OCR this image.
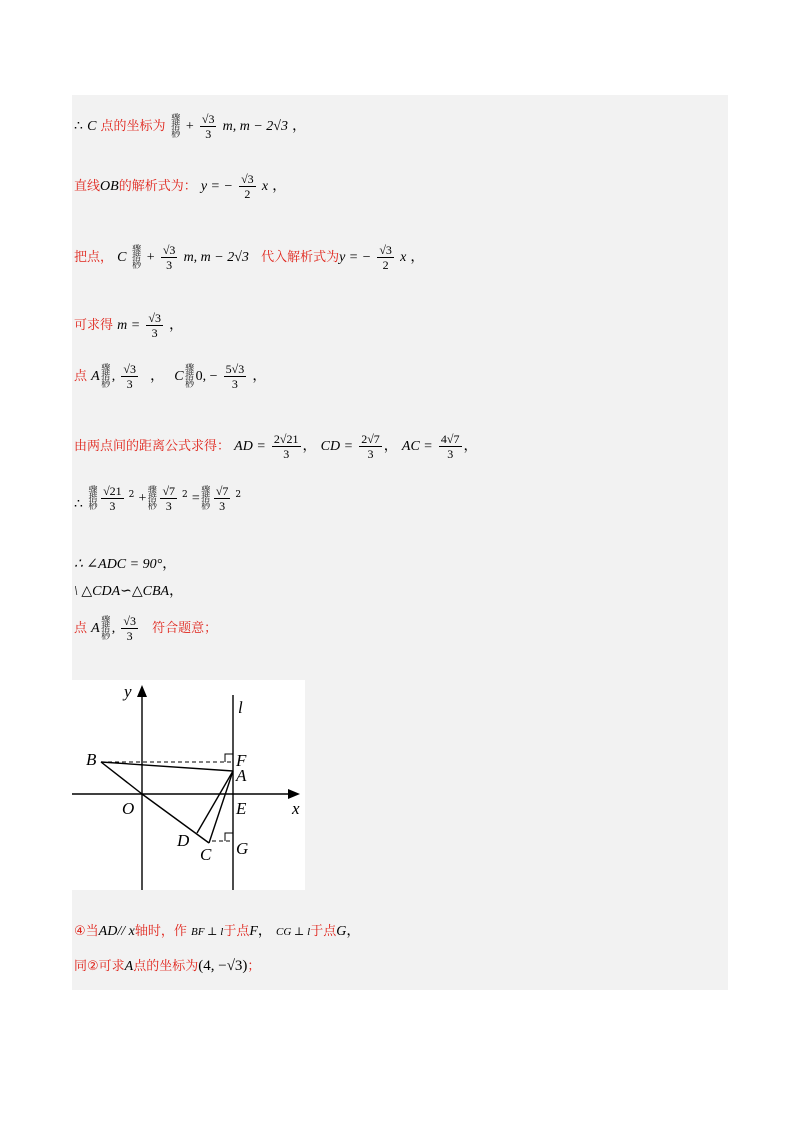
∴ C 点的坐标为 骤
揩
桫 + $\frac{√3}{3} m$, m − 2√3 ，
直线OB的解析式为： y = − $\frac{√3}{2}$ x ，
把点， C 骤
揩
桫 + $\frac{√3}{3} m$, m − 2√3 代入解析式为y = − $\frac{√3}{2}$ x ，
可求得 $m = \frac{√3}{3}$ ，
点 A骤
揩
桫, $\frac{√3}{3}$ ， C骤
揩
桫0, − $\frac{5√3}{3}$ ，
由两点间的距离公式求得： AD = $\frac{2√21}{3}$ ， CD = $\frac{2√7}{3}$ ， AC = $\frac{4√7}{3}$ ，
∴ 骤
揩
桫 $\frac{√21}{3} ^2$ +骤
揩
桫 $\frac{√7}{3} ^2$ =骤
揩
桫 $\frac{√7}{3} ^2$
∴ ∠ADC = 90°，
\ △CDA∽△CBA，
点 A骤
揩
桫, $\frac{√3}{3}$ 符合题意；
y
l
B	F
A
O	E	x
D
C G
④当AD// x轴时，作 BF ⊥ l于点F， CG ⊥ l于点G，
同②可求A点的坐标为(4, −√3)；
